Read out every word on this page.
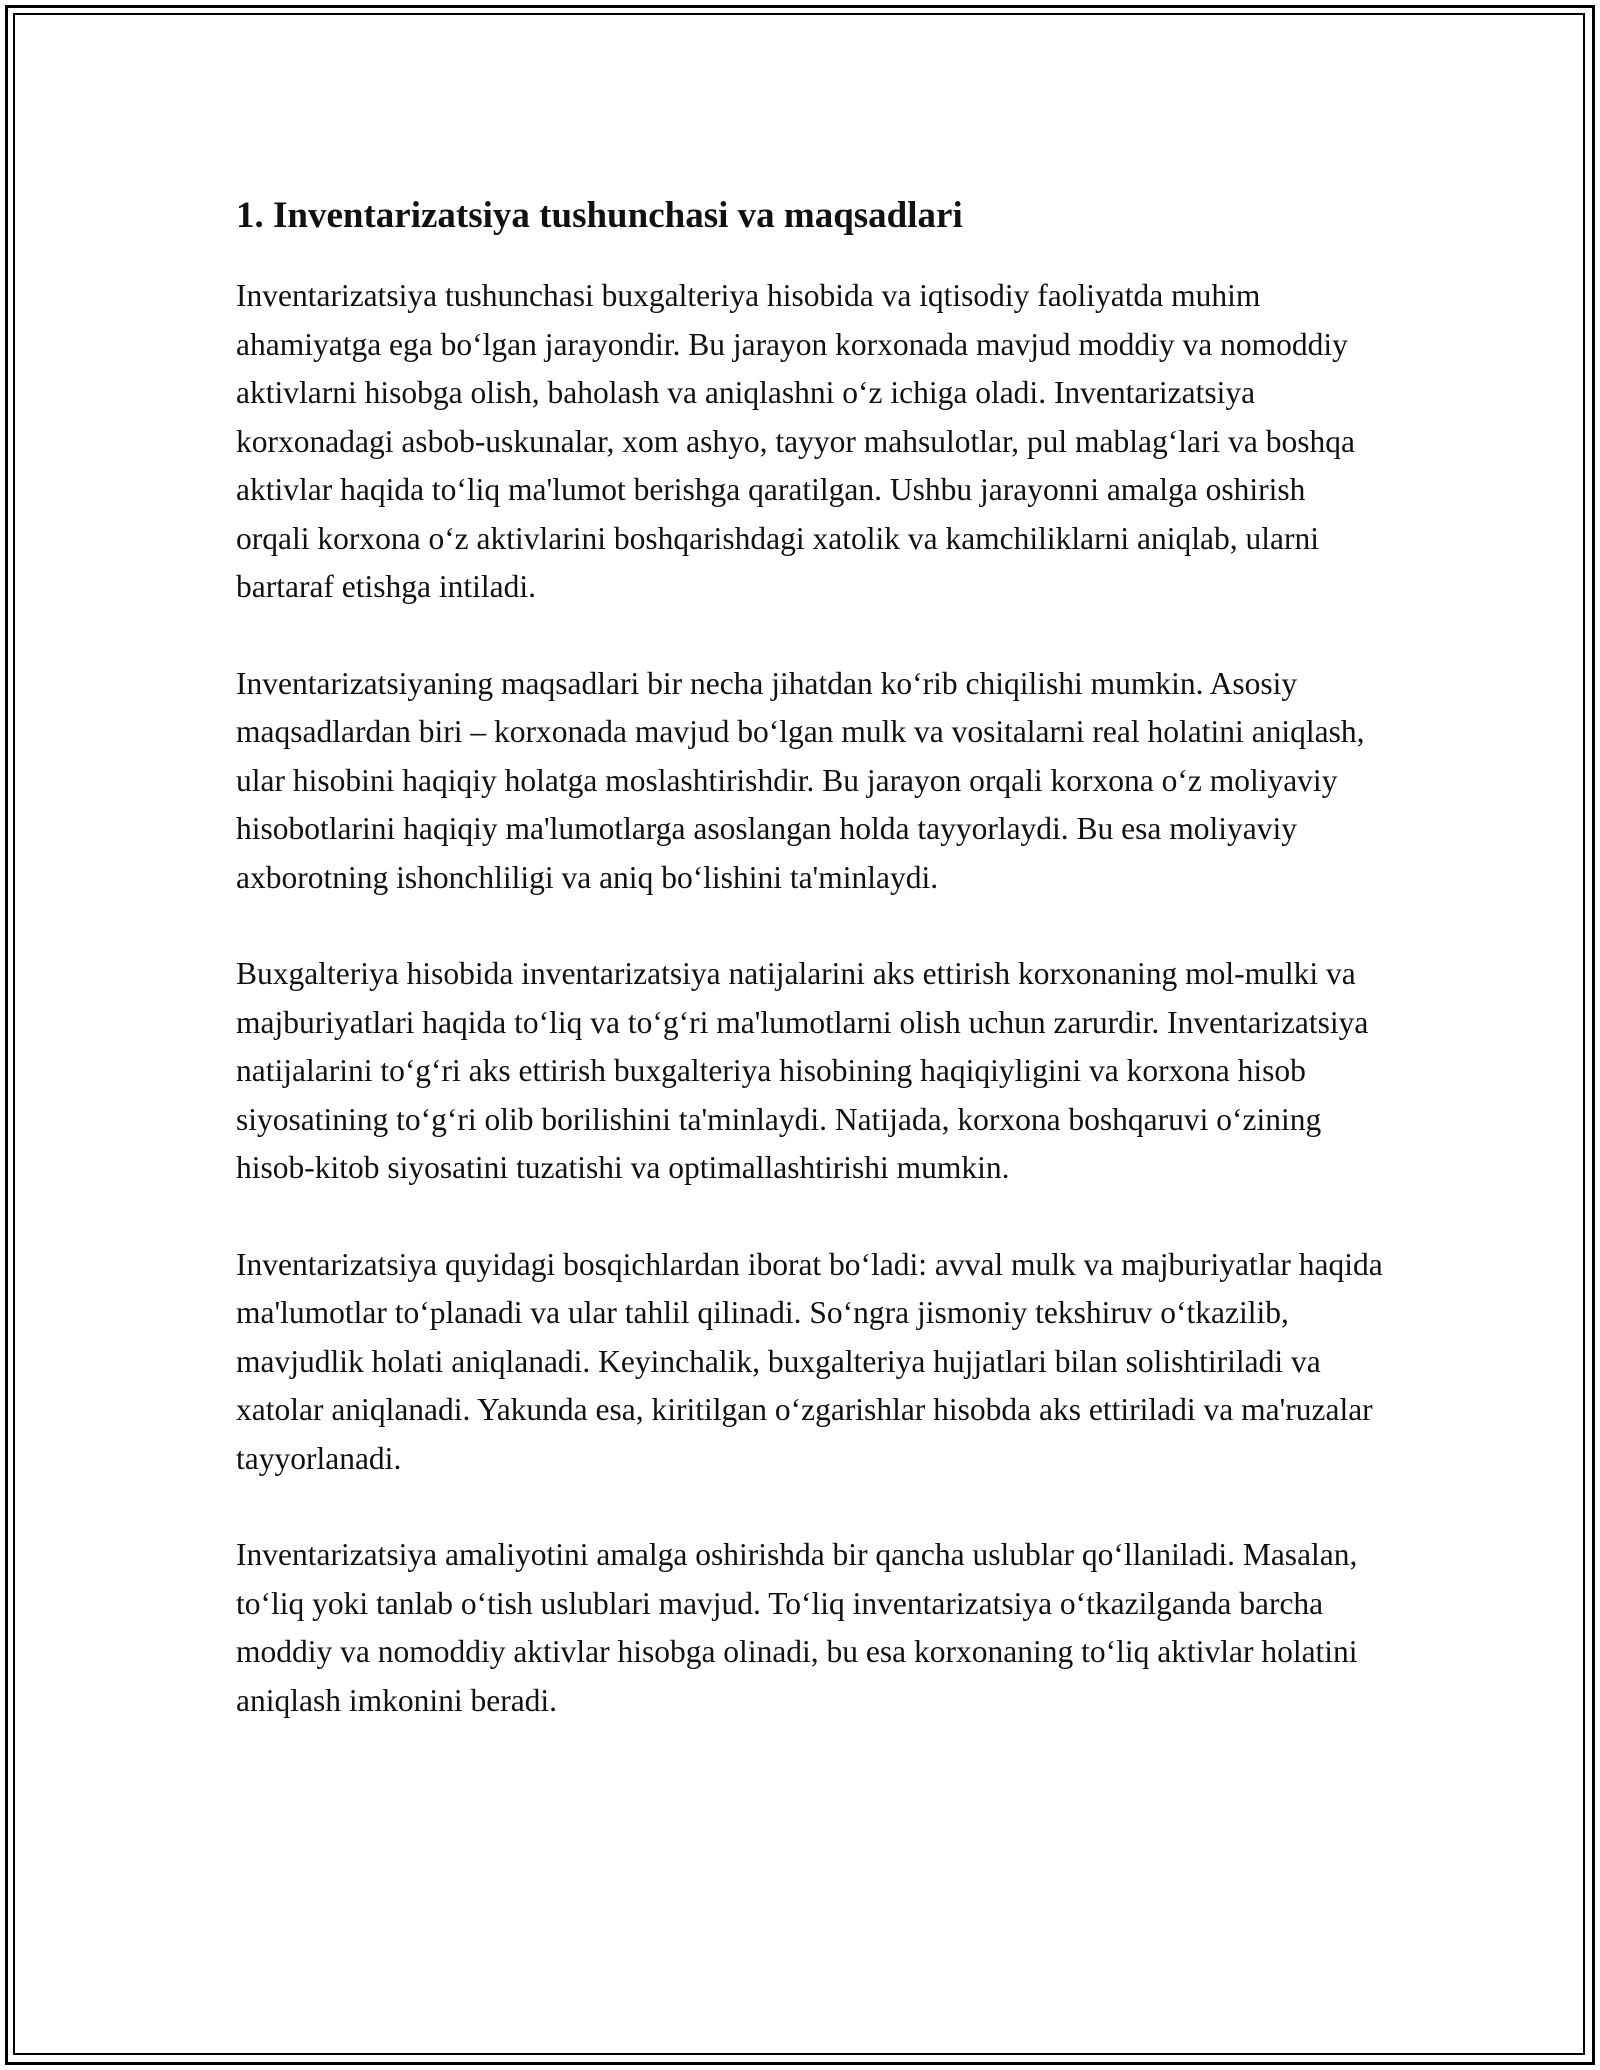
1. Inventarizatsiya tushunchasi va maqsadlari

Inventarizatsiya tushunchasi buxgalteriya hisobida va iqtisodiy faoliyatda muhim ahamiyatga ega bo‘lgan jarayondir. Bu jarayon korxonada mavjud moddiy va nomoddiy aktivlarni hisobga olish, baholash va aniqlashni o‘z ichiga oladi. Inventarizatsiya korxonadagi asbob-uskunalar, xom ashyo, tayyor mahsulotlar, pul mablag‘lari va boshqa aktivlar haqida to‘liq ma'lumot berishga qaratilgan. Ushbu jarayonni amalga oshirish orqali korxona o‘z aktivlarini boshqarishdagi xatolik va kamchiliklarni aniqlab, ularni bartaraf etishga intiladi.

Inventarizatsiyaning maqsadlari bir necha jihatdan ko‘rib chiqilishi mumkin. Asosiy maqsadlardan biri – korxonada mavjud bo‘lgan mulk va vositalarni real holatini aniqlash, ular hisobini haqiqiy holatga moslashtirishdir. Bu jarayon orqali korxona o‘z moliyaviy hisobotlarini haqiqiy ma'lumotlarga asoslangan holda tayyorlaydi. Bu esa moliyaviy axborotning ishonchliligi va aniq bo‘lishini ta'minlaydi.

Buxgalteriya hisobida inventarizatsiya natijalarini aks ettirish korxonaning mol-mulki va majburiyatlari haqida to‘liq va to‘g‘ri ma'lumotlarni olish uchun zarurdir. Inventarizatsiya natijalarini to‘g‘ri aks ettirish buxgalteriya hisobining haqiqiyligini va korxona hisob siyosatining to‘g‘ri olib borilishini ta'minlaydi. Natijada, korxona boshqaruvi o‘zining hisob-kitob siyosatini tuzatishi va optimallashtirishi mumkin.

Inventarizatsiya quyidagi bosqichlardan iborat bo‘ladi: avval mulk va majburiyatlar haqida ma'lumotlar to‘planadi va ular tahlil qilinadi. So‘ngra jismoniy tekshiruv o‘tkazilib, mavjudlik holati aniqlanadi. Keyinchalik, buxgalteriya hujjatlari bilan solishtiriladi va xatolar aniqlanadi. Yakunda esa, kiritilgan o‘zgarishlar hisobda aks ettiriladi va ma'ruzalar tayyorlanadi.

Inventarizatsiya amaliyotini amalga oshirishda bir qancha uslublar qo‘llaniladi. Masalan, to‘liq yoki tanlab o‘tish uslublari mavjud. To‘liq inventarizatsiya o‘tkazilganda barcha moddiy va nomoddiy aktivlar hisobga olinadi, bu esa korxonaning to‘liq aktivlar holatini aniqlash imkonini beradi.
